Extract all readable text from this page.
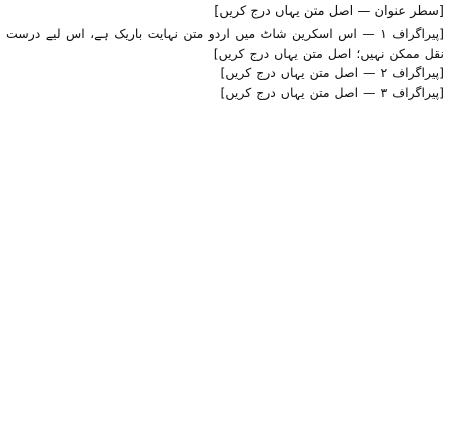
[سطر عنوان — اصل متن یہاں درج کریں]

[پیراگراف ۱ — اس اسکرین شاٹ میں اردو متن نہایت باریک ہے، اس لیے درست نقل ممکن نہیں؛ اصل متن یہاں درج کریں]

[پیراگراف ۲ — اصل متن یہاں درج کریں]

[پیراگراف ۳ — اصل متن یہاں درج کریں]
